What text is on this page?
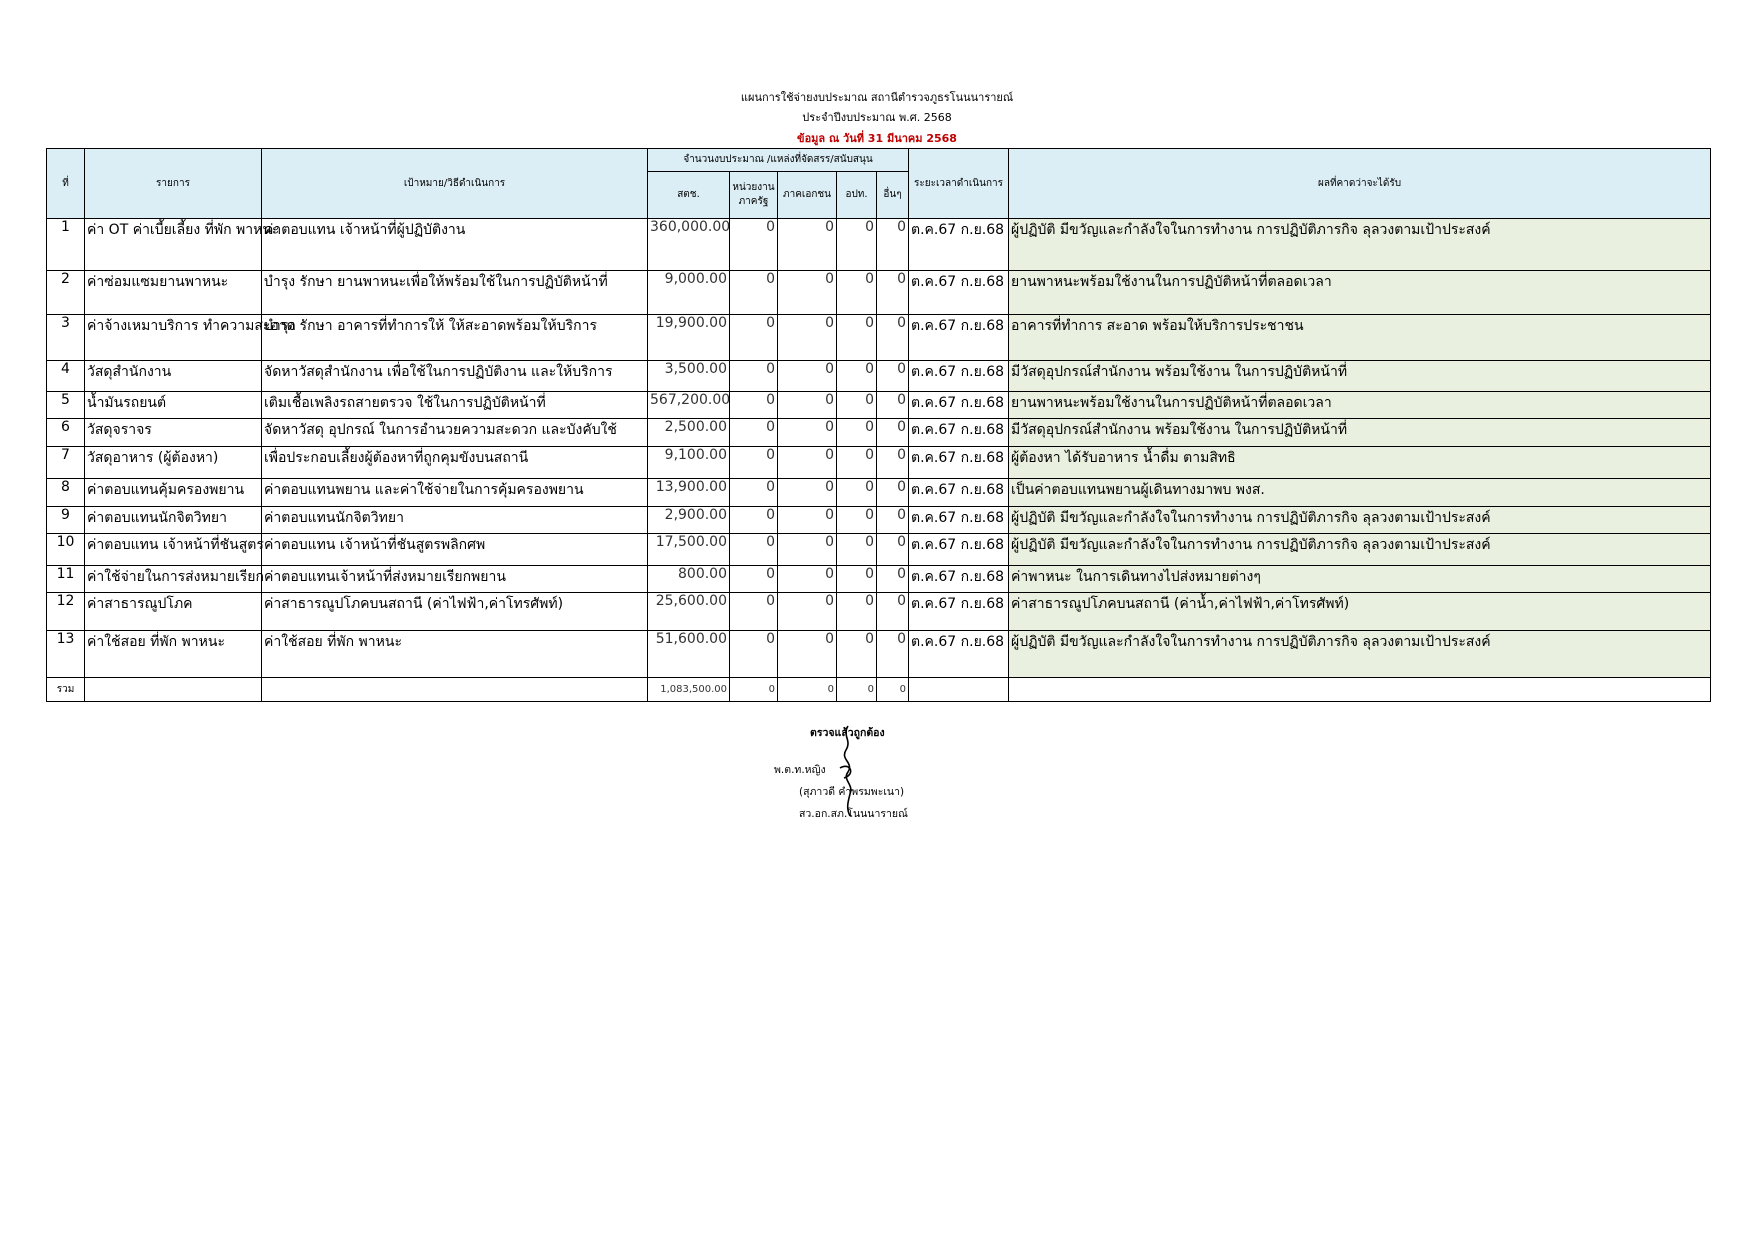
แผนการใช้จ่ายงบประมาณ สถานีตำรวจภูธรโนนนารายณ์
ประจำปีงบประมาณ พ.ศ. 2568
ข้อมูล ณ วันที่ 31 มีนาคม 2568
ที่	รายการ	เป้าหมาย/วิธีดำเนินการ	จำนวนงบประมาณ /แหล่งที่จัดสรร/สนับสนุน					ระยะเวลาดำเนินการ	ผลที่คาดว่าจะได้รับ
			สตช.	หน่วยงานภาครัฐ	ภาคเอกชน	อปท.	อื่นๆ		
1	ค่า OT ค่าเบี้ยเลี้ยง ที่พัก พาหนะ	ค่าตอบแทน เจ้าหน้าที่ผู้ปฏิบัติงาน	360,000.00	0	0	0	0	ต.ค.67 ก.ย.68	ผู้ปฏิบัติ มีขวัญและกำลังใจในการทำงาน การปฏิบัติภารกิจ ลุลวงตามเป้าประสงค์
2	ค่าซ่อมแซมยานพาหนะ	บำรุง รักษา ยานพาหนะเพื่อให้พร้อมใช้ในการปฏิบัติหน้าที่	9,000.00	0	0	0	0	ต.ค.67 ก.ย.68	ยานพาหนะพร้อมใช้งานในการปฏิบัติหน้าที่ตลอดเวลา
3	ค่าจ้างเหมาบริการ ทำความสะอาด	บำรุง รักษา อาคารที่ทำการให้ ให้สะอาดพร้อมให้บริการ	19,900.00	0	0	0	0	ต.ค.67 ก.ย.68	อาคารที่ทำการ สะอาด พร้อมให้บริการประชาชน
4	วัสดุสำนักงาน	จัดหาวัสดุสำนักงาน เพื่อใช้ในการปฏิบัติงาน และให้บริการ	3,500.00	0	0	0	0	ต.ค.67 ก.ย.68	มีวัสดุอุปกรณ์สำนักงาน พร้อมใช้งาน ในการปฏิบัติหน้าที่
5	น้ำมันรถยนต์	เติมเชื้อเพลิงรถสายตรวจ ใช้ในการปฏิบัติหน้าที่	567,200.00	0	0	0	0	ต.ค.67 ก.ย.68	ยานพาหนะพร้อมใช้งานในการปฏิบัติหน้าที่ตลอดเวลา
6	วัสดุจราจร	จัดหาวัสดุ อุปกรณ์ ในการอำนวยความสะดวก และบังคับใช้	2,500.00	0	0	0	0	ต.ค.67 ก.ย.68	มีวัสดุอุปกรณ์สำนักงาน พร้อมใช้งาน ในการปฏิบัติหน้าที่
7	วัสดุอาหาร (ผู้ต้องหา)	เพื่อประกอบเลี้ยงผู้ต้องหาที่ถูกคุมขังบนสถานี	9,100.00	0	0	0	0	ต.ค.67 ก.ย.68	ผู้ต้องหา ได้รับอาหาร น้ำดื่ม ตามสิทธิ
8	ค่าตอบแทนคุ้มครองพยาน	ค่าตอบแทนพยาน และค่าใช้จ่ายในการคุ้มครองพยาน	13,900.00	0	0	0	0	ต.ค.67 ก.ย.68	เป็นค่าตอบแทนพยานผู้เดินทางมาพบ พงส.
9	ค่าตอบแทนนักจิตวิทยา	ค่าตอบแทนนักจิตวิทยา	2,900.00	0	0	0	0	ต.ค.67 ก.ย.68	ผู้ปฏิบัติ มีขวัญและกำลังใจในการทำงาน การปฏิบัติภารกิจ ลุลวงตามเป้าประสงค์
10	ค่าตอบแทน เจ้าหน้าที่ชันสูตร	ค่าตอบแทน เจ้าหน้าที่ชันสูตรพลิกศพ	17,500.00	0	0	0	0	ต.ค.67 ก.ย.68	ผู้ปฏิบัติ มีขวัญและกำลังใจในการทำงาน การปฏิบัติภารกิจ ลุลวงตามเป้าประสงค์
11	ค่าใช้จ่ายในการส่งหมายเรียก	ค่าตอบแทนเจ้าหน้าที่ส่งหมายเรียกพยาน	800.00	0	0	0	0	ต.ค.67 ก.ย.68	ค่าพาหนะ ในการเดินทางไปส่งหมายต่างๆ
12	ค่าสาธารณูปโภค	ค่าสาธารณูปโภคบนสถานี (ค่าไฟฟ้า,ค่าโทรศัพท์)	25,600.00	0	0	0	0	ต.ค.67 ก.ย.68	ค่าสาธารณูปโภคบนสถานี (ค่าน้ำ,ค่าไฟฟ้า,ค่าโทรศัพท์)
13	ค่าใช้สอย ที่พัก พาหนะ	ค่าใช้สอย ที่พัก พาหนะ	51,600.00	0	0	0	0	ต.ค.67 ก.ย.68	ผู้ปฏิบัติ มีขวัญและกำลังใจในการทำงาน การปฏิบัติภารกิจ ลุลวงตามเป้าประสงค์
รวม			1,083,500.00	0	0	0	0		
ตรวจแล้วถูกต้อง
พ.ต.ท.หญิง
(สุภาวดี คำพรมพะเนา)
สว.อก.สภ.โนนนารายณ์
